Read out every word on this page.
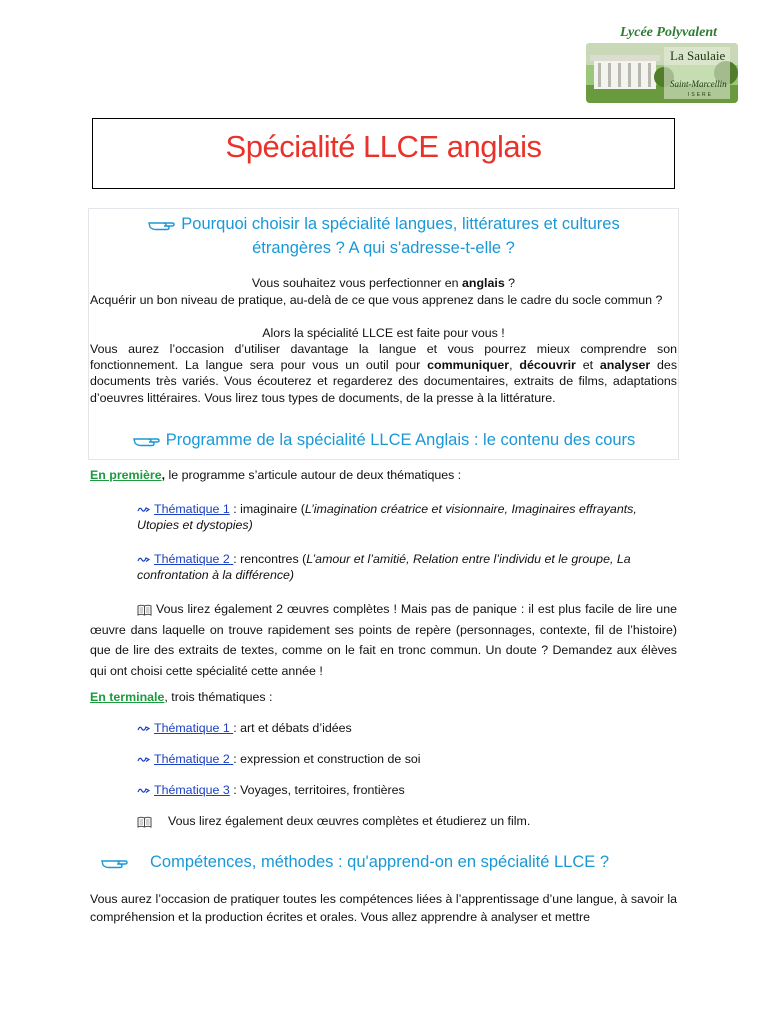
Lycée Polyvalent
La Saulaie
Saint-Marcellin
ISERE
Spécialité LLCE anglais
Pourquoi choisir la spécialité langues, littératures et cultures
étrangères ? A qui s'adresse-t-elle ?
Vous souhaitez vous perfectionner en anglais ?
Acquérir un bon niveau de pratique, au-delà de ce que vous apprenez dans le cadre du socle commun ?
Alors la spécialité LLCE est faite pour vous !
Vous aurez l’occasion d’utiliser davantage la langue et vous pourrez mieux comprendre son fonctionnement. La langue sera pour vous un outil pour communiquer, découvrir et analyser des documents très variés. Vous écouterez et regarderez des documentaires, extraits de films, adaptations d’oeuvres littéraires. Vous lirez tous types de documents, de la presse à la littérature.
Programme de la spécialité LLCE Anglais : le contenu des cours
En première, le programme s’articule autour de deux thématiques :
Thématique 1 : imaginaire (L’imagination créatrice et visionnaire, Imaginaires effrayants,
Utopies et dystopies)
Thématique 2 : rencontres (L’amour et l’amitié, Relation entre l’individu et le groupe, La
confrontation à la différence)
Vous lirez également 2 œuvres complètes ! Mais pas de panique : il est plus facile de lire une œuvre dans laquelle on trouve rapidement ses points de repère (personnages, contexte, fil de l’histoire) que de lire des extraits de textes, comme on le fait en tronc commun. Un doute ? Demandez aux élèves qui ont choisi cette spécialité cette année !
En terminale, trois thématiques :
Thématique 1 : art et débats d’idées
Thématique 2 : expression et construction de soi
Thématique 3 : Voyages, territoires, frontières
Vous lirez également deux œuvres complètes et étudierez un film.
Compétences, méthodes : qu'apprend-on en spécialité LLCE ?
Vous aurez l’occasion de pratiquer toutes les compétences liées à l’apprentissage d’une langue, à savoir la compréhension et la production écrites et orales. Vous allez apprendre à analyser et mettre
